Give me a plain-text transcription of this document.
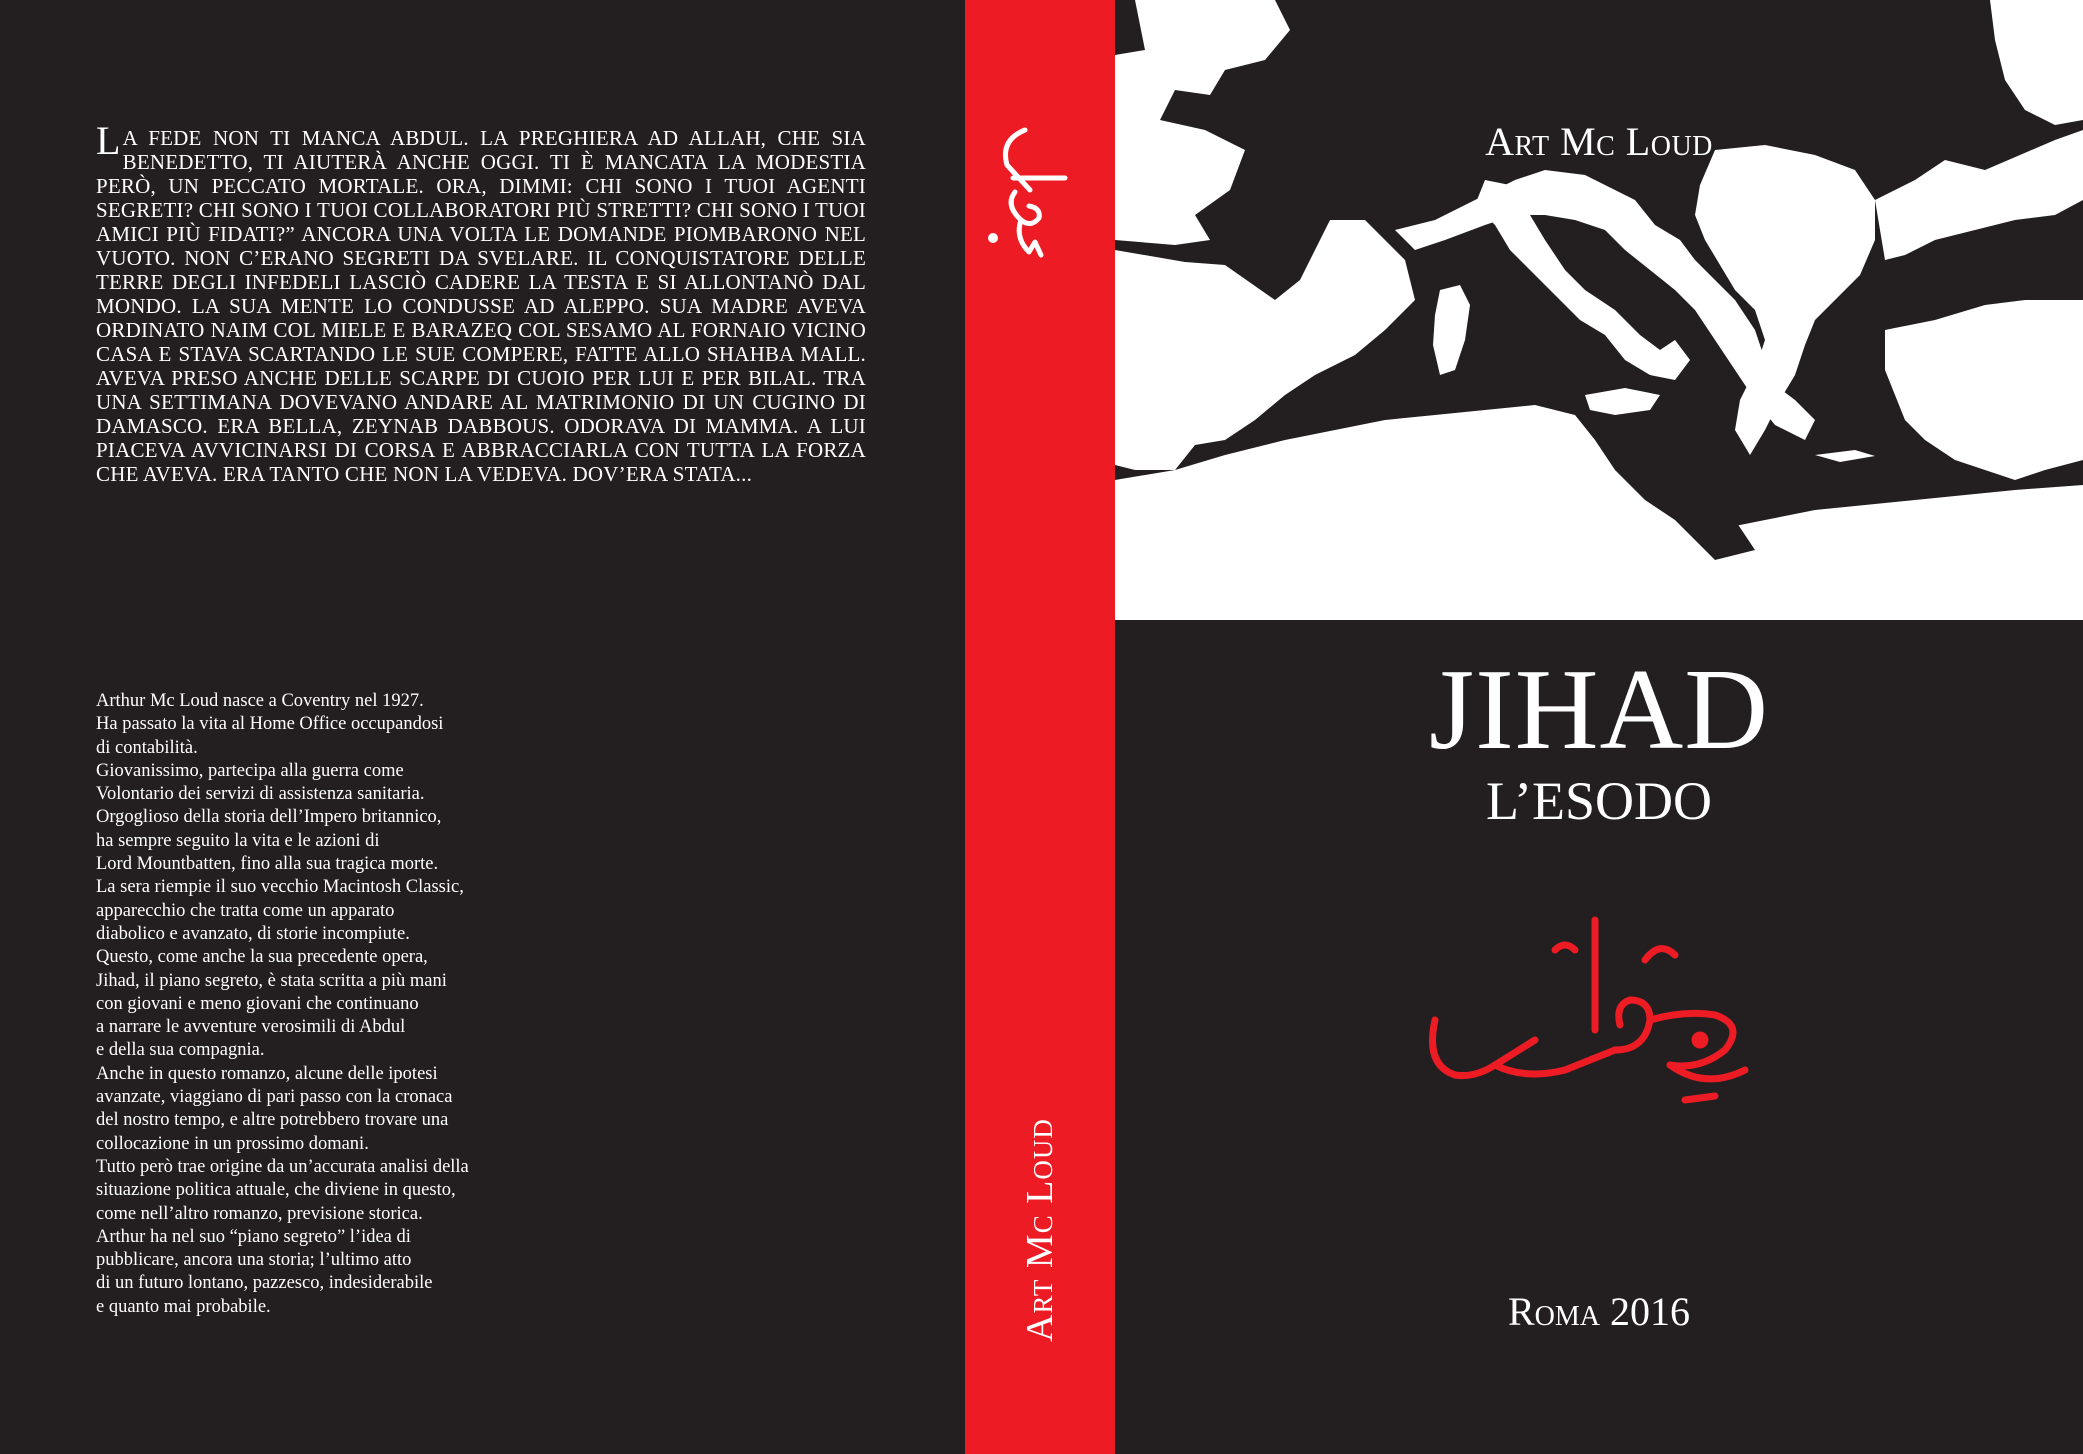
LA FEDE NON TI MANCA ABDUL. LA PREGHIERA AD ALLAH, CHE SIA BENEDETTO, TI AIUTERÀ ANCHE OGGI. TI È MANCATA LA MODESTIA PERÒ, UN PECCATO MORTALE. ORA, DIMMI: CHI SONO I TUOI AGENTI SEGRETI? CHI SONO I TUOI COLLABORATORI PIÙ STRETTI? CHI SONO I TUOI AMICI PIÙ FIDATI?” ANCORA UNA VOLTA LE DOMANDE PIOMBARONO NEL VUOTO. NON C’ERANO SEGRETI DA SVELARE. IL CONQUISTATORE DELLE TERRE DEGLI INFEDELI LASCIÒ CADERE LA TESTA E SI ALLONTANÒ DAL MONDO. LA SUA MENTE LO CONDUSSE AD ALEPPO. SUA MADRE AVEVA ORDINATO NAIM COL MIELE E BARAZEQ COL SESAMO AL FORNAIO VICINO CASA E STAVA SCARTANDO LE SUE COMPERE, FATTE ALLO SHAHBA MALL. AVEVA PRESO ANCHE DELLE SCARPE DI CUOIO PER LUI E PER BILAL. TRA UNA SETTIMANA DOVEVANO ANDARE AL MATRIMONIO DI UN CUGINO DI DAMASCO. ERA BELLA, ZEYNAB DABBOUS. ODORAVA DI MAMMA. A LUI PIACEVA AVVICINARSI DI CORSA E ABBRACCIARLA CON TUTTA LA FORZA CHE AVEVA. ERA TANTO CHE NON LA VEDEVA. DOV’ERA STATA...

Arthur Mc Loud nasce a Coventry nel 1927.
Ha passato la vita al Home Office occupandosi
di contabilità.
Giovanissimo, partecipa alla guerra come
Volontario dei servizi di assistenza sanitaria.
Orgoglioso della storia dell’Impero britannico,
ha sempre seguito la vita e le azioni di
Lord Mountbatten, fino alla sua tragica morte.
La sera riempie il suo vecchio Macintosh Classic,
apparecchio che tratta come un apparato
diabolico e avanzato, di storie incompiute.
Questo, come anche la sua precedente opera,
Jihad, il piano segreto, è stata scritta a più mani
con giovani e meno giovani che continuano
a narrare le avventure verosimili di Abdul
e della sua compagnia.
Anche in questo romanzo, alcune delle ipotesi
avanzate, viaggiano di pari passo con la cronaca
del nostro tempo, e altre potrebbero trovare una
collocazione in un prossimo domani.
Tutto però trae origine da un’accurata analisi della
situazione politica attuale, che diviene in questo,
come nell’altro romanzo, previsione storica.
Arthur ha nel suo “piano segreto” l’idea di
pubblicare, ancora una storia; l’ultimo atto
di un futuro lontano, pazzesco, indesiderabile
e quanto mai probabile.	Art Mc Loud
Art Mc Loud
JIHAD
L’ESODO
Roma 2016
